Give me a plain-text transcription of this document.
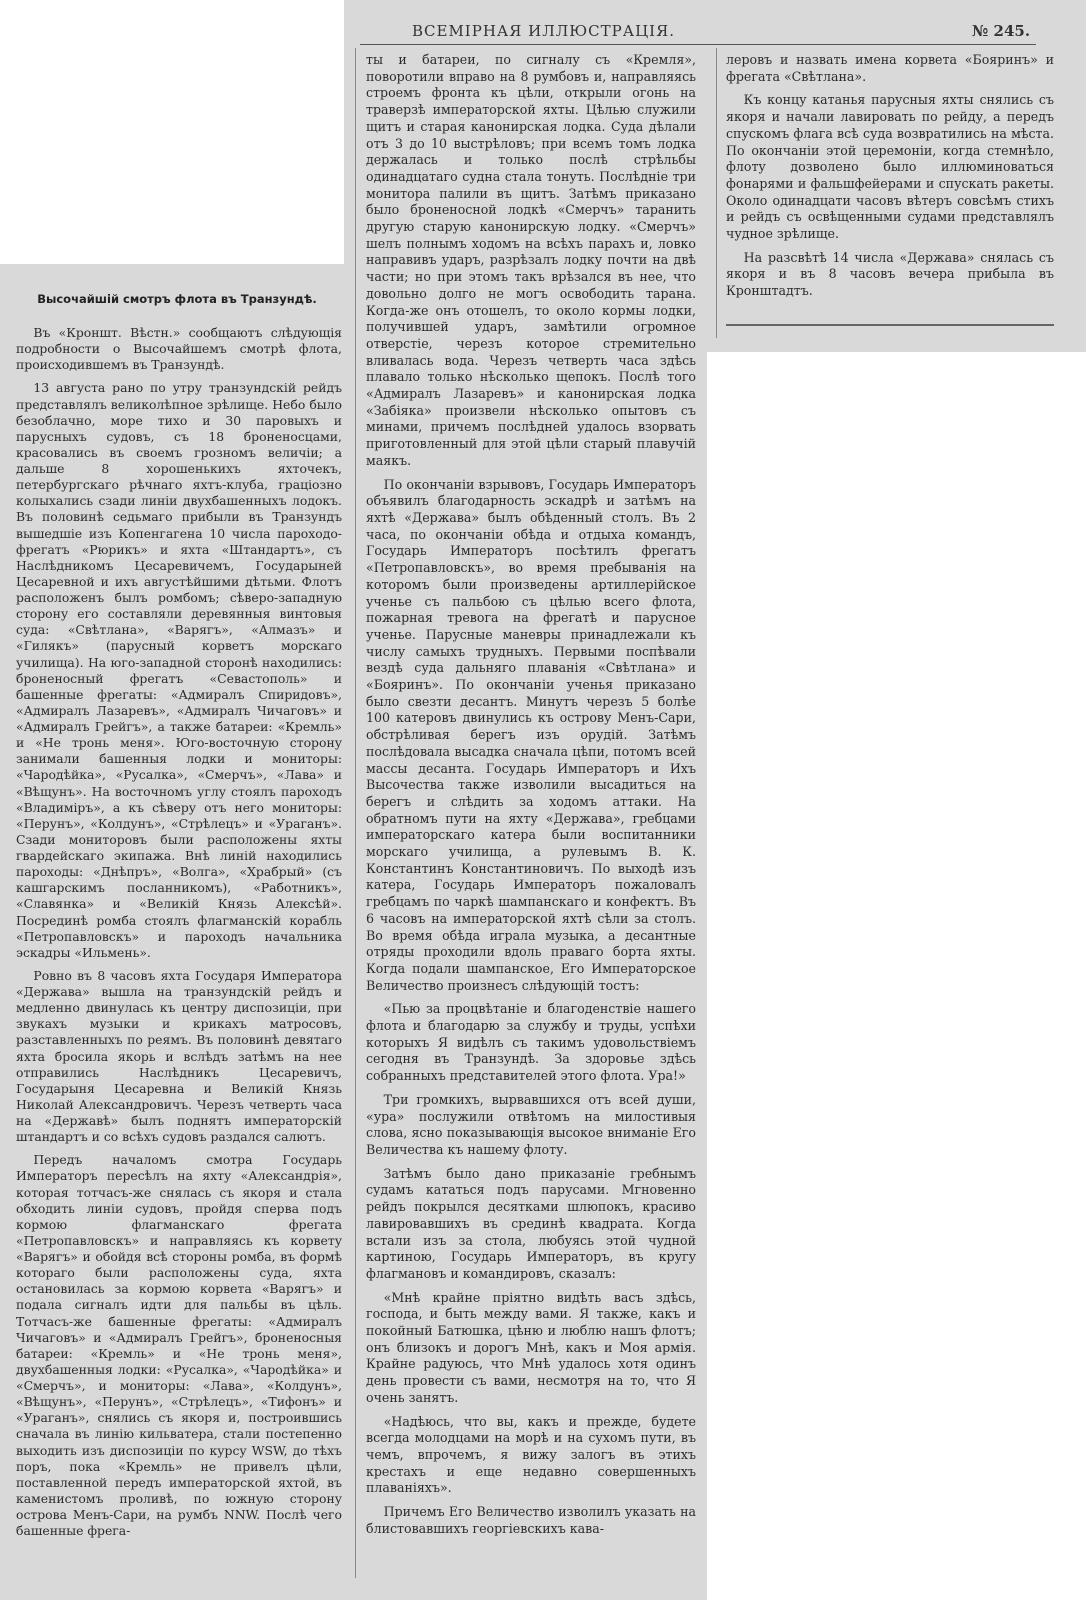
ВСЕМIРНАЯ ИЛЛЮСТРАЦIЯ.	№ 245.
Высочайшiй смотръ флота въ Транзундѣ.

Въ «Кроншт. Вѣстн.» сообщаютъ слѣдующiя подробности о Высочайшемъ смотрѣ флота, происходившемъ въ Транзундѣ.

13 августа рано по утру транзундскiй рейдъ представлялъ великолѣпное зрѣлище. Небо было безоблачно, море тихо и 30 паровыхъ и парусныхъ судовъ, съ 18 броненосцами, красовались въ своемъ грозномъ величiи; а дальше 8 хорошенькихъ яхточекъ, петербургскаго рѣчнаго яхтъ-клуба, грацiозно колыхались сзади линiи двухбашенныхъ лодокъ. Въ половинѣ седьмаго прибыли въ Транзундъ вышедшiе изъ Копенгагена 10 числа пароходо-фрегатъ «Рюрикъ» и яхта «Штандартъ», съ Наслѣдникомъ Цесаревичемъ, Государыней Цесаревной и ихъ августѣйшими дѣтьми. Флотъ расположенъ былъ ромбомъ; сѣверо-западную сторону его составляли деревянныя винтовыя суда: «Свѣтлана», «Варягъ», «Алмазъ» и «Гилякъ» (парусный корветъ морскаго училища). На юго-западной сторонѣ находились: броненосный фрегатъ «Севастополь» и башенные фрегаты: «Адмиралъ Спиридовъ», «Адмиралъ Лазаревъ», «Адмиралъ Чичаговъ» и «Адмиралъ Грейгъ», а также батареи: «Кремль» и «Не тронь меня». Юго-восточную сторону занимали башенныя лодки и мониторы: «Чародѣйка», «Русалка», «Смерчъ», «Лава» и «Вѣщунъ». На восточномъ углу стоялъ пароходъ «Владимiръ», а къ сѣверу отъ него мониторы: «Перунъ», «Колдунъ», «Стрѣлецъ» и «Ураганъ». Сзади мониторовъ были расположены яхты гвардейскаго экипажа. Внѣ линiй находились пароходы: «Днѣпръ», «Волга», «Храбрый» (съ кашгарскимъ посланникомъ), «Работникъ», «Славянка» и «Великiй Князь Алексѣй». Посрединѣ ромба стоялъ флагманскiй корабль «Петропавловскъ» и пароходъ начальника эскадры «Ильмень».

Ровно въ 8 часовъ яхта Государя Императора «Держава» вышла на транзундскiй рейдъ и медленно двинулась къ центру диспозицiи, при звукахъ музыки и крикахъ матросовъ, разставленныхъ по реямъ. Въ половинѣ девятаго яхта бросила якорь и вслѣдъ затѣмъ на нее отправились Наслѣдникъ Цесаревичъ, Государыня Цесаревна и Великiй Князь Николай Александровичъ. Черезъ четверть часа на «Державѣ» былъ поднятъ императорскiй штандартъ и со всѣхъ судовъ раздался салютъ.

Передъ началомъ смотра Государь Императоръ пересѣлъ на яхту «Александрiя», которая тотчасъ-же снялась съ якоря и стала обходить линiи судовъ, пройдя сперва подъ кормою флагманскаго фрегата «Петропавловскъ» и направляясь къ корвету «Варягъ» и обойдя всѣ стороны ромба, въ формѣ котораго были расположены суда, яхта остановилась за кормою корвета «Варягъ» и подала сигналъ идти для пальбы въ цѣль. Тотчасъ-же башенные фрегаты: «Адмиралъ Чичаговъ» и «Адмиралъ Грейгъ», броненосныя батареи: «Кремль» и «Не тронь меня», двухбашенныя лодки: «Русалка», «Чародѣйка» и «Смерчъ», и мониторы: «Лава», «Колдунъ», «Вѣщунъ», «Перунъ», «Стрѣлецъ», «Тифонъ» и «Ураганъ», снялись съ якоря и, построившись сначала въ линiю кильватера, стали постепенно выходить изъ диспозицiи по курсу WSW, до тѣхъ поръ, пока «Кремль» не привелъ цѣли, поставленной передъ императорской яхтой, въ каменистомъ проливѣ, по южную сторону острова Менъ-Сари, на румбъ NNW. Послѣ чего башенные фрега-

ты и батареи, по сигналу съ «Кремля», поворотили вправо на 8 румбовъ и, направляясь строемъ фронта къ цѣли, открыли огонь на траверзѣ императорской яхты. Цѣлью служили щитъ и старая канонирская лодка. Суда дѣлали отъ 3 до 10 выстрѣловъ; при всемъ томъ лодка держалась и только послѣ стрѣльбы одинадцатаго судна стала тонуть. Послѣднiе три монитора палили въ щитъ. Затѣмъ приказано было броненосной лодкѣ «Смерчъ» таранить другую старую канонирскую лодку. «Смерчъ» шелъ полнымъ ходомъ на всѣхъ парахъ и, ловко направивъ ударъ, разрѣзалъ лодку почти на двѣ части; но при этомъ такъ врѣзался въ нее, что довольно долго не могъ освободить тарана. Когда-же онъ отошелъ, то около кормы лодки, получившей ударъ, замѣтили огромное отверстiе, черезъ которое стремительно вливалась вода. Черезъ четверть часа здѣсь плавало только нѣсколько щепокъ. Послѣ того «Адмиралъ Лазаревъ» и канонирская лодка «Забiяка» произвели нѣсколько опытовъ съ минами, причемъ послѣдней удалось взорвать приготовленный для этой цѣли старый плавучiй маякъ.

По окончанiи взрывовъ, Государь Императоръ объявилъ благодарность эскадрѣ и затѣмъ на яхтѣ «Держава» былъ обѣденный столъ. Въ 2 часа, по окончанiи обѣда и отдыха командъ, Государь Императоръ посѣтилъ фрегатъ «Петропавловскъ», во время пребыванiя на которомъ были произведены артиллерiйское ученье съ пальбою съ цѣлью всего флота, пожарная тревога на фрегатѣ и парусное ученье. Парусные маневры принадлежали къ числу самыхъ трудныхъ. Первыми поспѣвали вездѣ суда дальняго плаванiя «Свѣтлана» и «Бояринъ». По окончанiи ученья приказано было свезти десантъ. Минутъ черезъ 5 болѣе 100 катеровъ двинулись къ острову Менъ-Сари, обстрѣливая берегъ изъ орудiй. Затѣмъ послѣдовала высадка сначала цѣпи, потомъ всей массы десанта. Государь Императоръ и Ихъ Высочества также изволили высадиться на берегъ и слѣдить за ходомъ аттаки. На обратномъ пути на яхту «Держава», гребцами императорскаго катера были воспитанники морскаго училища, а рулевымъ В. К. Константинъ Константиновичъ. По выходѣ изъ катера, Государь Императоръ пожаловалъ гребцамъ по чаркѣ шампанскаго и конфектъ. Въ 6 часовъ на императорской яхтѣ сѣли за столъ. Во время обѣда играла музыка, а десантные отряды проходили вдоль праваго борта яхты. Когда подали шампанское, Его Императорское Величество произнесъ слѣдующiй тостъ:

«Пью за процвѣтанiе и благоденствiе нашего флота и благодарю за службу и труды, успѣхи которыхъ Я видѣлъ съ такимъ удовольствiемъ сегодня въ Транзундѣ. За здоровье здѣсь собранныхъ представителей этого флота. Ура!»

Три громкихъ, вырвавшихся отъ всей души, «ура» послужили отвѣтомъ на милостивыя слова, ясно показывающiя высокое вниманiе Его Величества къ нашему флоту.

Затѣмъ было дано приказанiе гребнымъ судамъ кататься подъ парусами. Мгновенно рейдъ покрылся десятками шлюпокъ, красиво лавировавшихъ въ срединѣ квадрата. Когда встали изъ за стола, любуясь этой чудной картиною, Государь Императоръ, въ кругу флагмановъ и командировъ, сказалъ:

«Мнѣ крайне прiятно видѣть васъ здѣсь, господа, и быть между вами. Я также, какъ и покойный Батюшка, цѣню и люблю нашъ флотъ; онъ близокъ и дорогъ Мнѣ, какъ и Моя армiя. Крайне радуюсь, что Мнѣ удалось хотя одинъ день провести съ вами, несмотря на то, что Я очень занятъ.

«Надѣюсь, что вы, какъ и прежде, будете всегда молодцами на морѣ и на сухомъ пути, въ чемъ, впрочемъ, я вижу залогъ въ этихъ крестахъ и еще недавно совершенныхъ плаванiяхъ».

Причемъ Его Величество изволилъ указать на блистовавшихъ георгiевскихъ кава-

леровъ и назвать имена корвета «Бояринъ» и фрегата «Свѣтлана».

Къ концу катанья парусныя яхты снялись съ якоря и начали лавировать по рейду, а передъ спускомъ флага всѣ суда возвратились на мѣста. По окончанiи этой церемонiи, когда стемнѣло, флоту дозволено было иллюминоваться фонарями и фальшфейерами и спускать ракеты. Около одинадцати часовъ вѣтеръ совсѣмъ стихъ и рейдъ съ освѣщенными судами представлялъ чудное зрѣлище.

На разсвѣтѣ 14 числа «Держава» снялась съ якоря и въ 8 часовъ вечера прибыла въ Кронштадтъ.
